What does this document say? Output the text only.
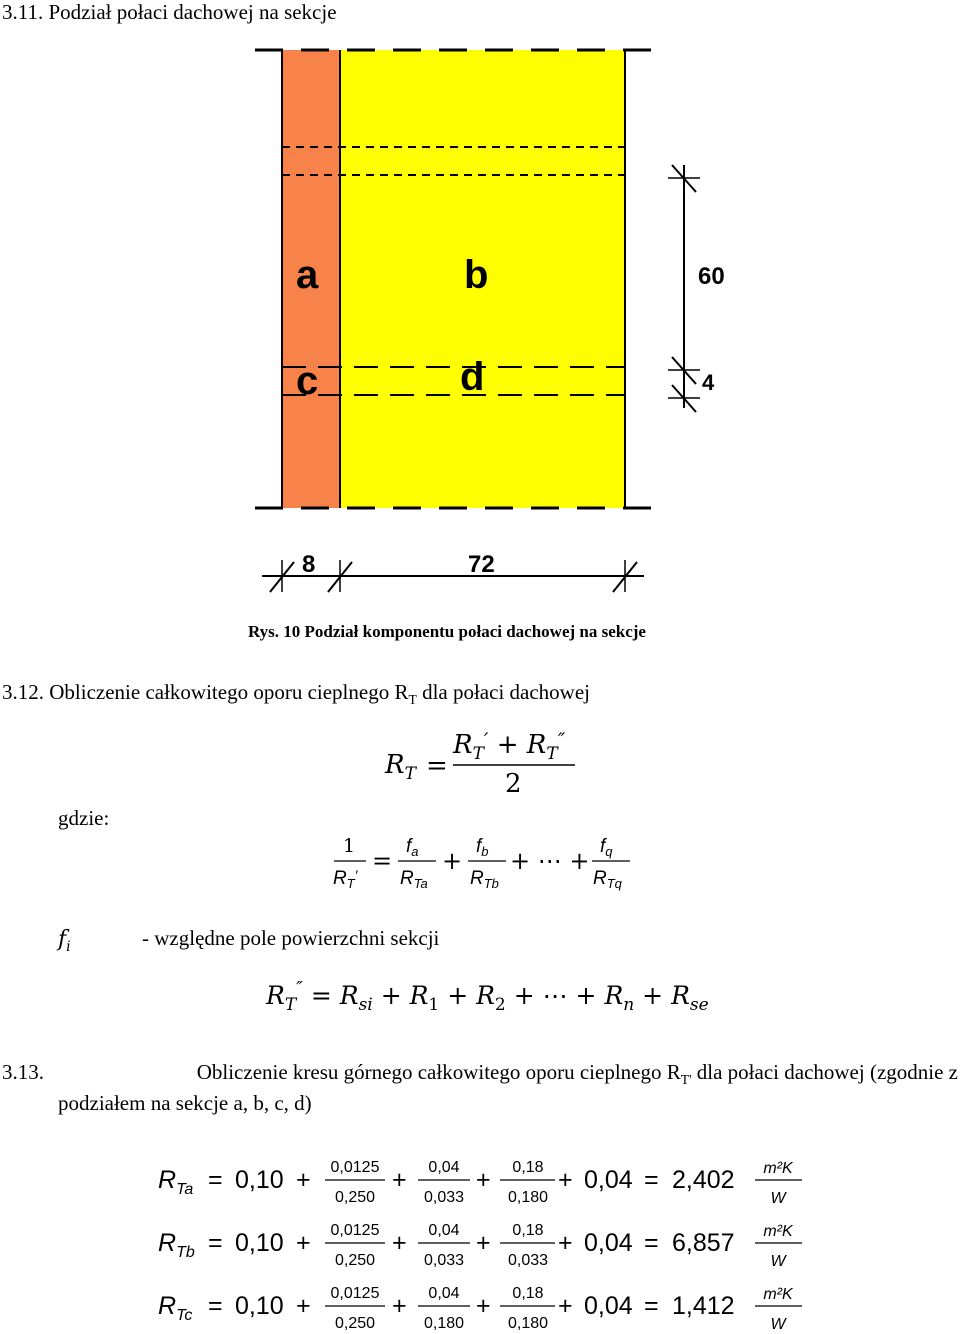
3.11. Podział połaci dachowej na sekcje
a	b
c	d
60
4
8	72
Rys. 10 Podział komponentu połaci dachowej na sekcje
3.12. Obliczenie całkowitego oporu cieplnego $R_T$ dla połaci dachowej
$R_T$ =
$R_T' + R_T''$
2
gdzie:
1
$R_T'$ =
$f_a$
$R_{Ta}$
+
$f_b$
$R_{Tb}$
+ ⋯ +
$f_q$
$R_{Tq}$
$f_i$	- względne pole powierzchni sekcji
$R_T'' = R_{si} + R_1 + R_2$ + ⋯ + $R_n + R_{se}$
3.13.	Obliczenie kresu górnego całkowitego oporu cieplnego $R_{T'}$ dla połaci dachowej (zgodnie z
podziałem na sekcje a, b, c, d)
$R_{Ta} = 0,10 + 0,0125$
0,250
+ 0,04
0,033
+ 0,18
0,180
+ 0,04 = 2,402 m²K
W
$R_{Tb} = 0,10 + 0,0125$
0,250
+ 0,04
0,033
+ 0,18
0,033
+ 0,04 = 6,857 m²K
W
$R_{Tc} = 0,10 + 0,0125$
0,250
+ 0,04
0,180
+ 0,18
0,180
+ 0,04 = 1,412 m²K
W
